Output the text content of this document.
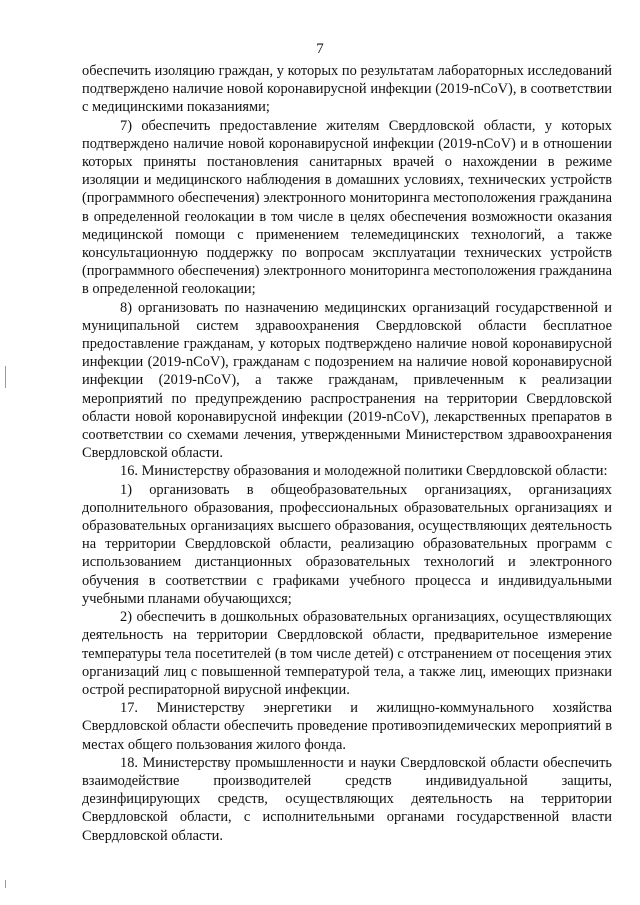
7

обеспечить изоляцию граждан, у которых по результатам лабораторных исследований подтверждено наличие новой коронавирусной инфекции (2019-nCoV), в соответствии с медицинскими показаниями;

7) обеспечить предоставление жителям Свердловской области, у которых подтверждено наличие новой коронавирусной инфекции (2019-nCoV) и в отношении которых приняты постановления санитарных врачей о нахождении в режиме изоляции и медицинского наблюдения в домашних условиях, технических устройств (программного обеспечения) электронного мониторинга местоположения гражданина в определенной геолокации в том числе в целях обеспечения возможности оказания медицинской помощи с применением телемедицинских технологий, а также консультационную поддержку по вопросам эксплуатации технических устройств (программного обеспечения) электронного мониторинга местоположения гражданина в определенной геолокации;

8) организовать по назначению медицинских организаций государственной и муниципальной систем здравоохранения Свердловской области бесплатное предоставление гражданам, у которых подтверждено наличие новой коронавирусной инфекции (2019-nCoV), гражданам с подозрением на наличие новой коронавирусной инфекции (2019-nCoV), а также гражданам, привлеченным к реализации мероприятий по предупреждению распространения на территории Свердловской области новой коронавирусной инфекции (2019-nCoV), лекарственных препаратов в соответствии со схемами лечения, утвержденными Министерством здравоохранения Свердловской области.

16. Министерству образования и молодежной политики Свердловской области:

1) организовать в общеобразовательных организациях, организациях дополнительного образования, профессиональных образовательных организациях и образовательных организациях высшего образования, осуществляющих деятельность на территории Свердловской области, реализацию образовательных программ с использованием дистанционных образовательных технологий и электронного обучения в соответствии с графиками учебного процесса и индивидуальными учебными планами обучающихся;

2) обеспечить в дошкольных образовательных организациях, осуществляющих деятельность на территории Свердловской области, предварительное измерение температуры тела посетителей (в том числе детей) с отстранением от посещения этих организаций лиц с повышенной температурой тела, а также лиц, имеющих признаки острой респираторной вирусной инфекции.

17. Министерству энергетики и жилищно-коммунального хозяйства Свердловской области обеспечить проведение противоэпидемических мероприятий в местах общего пользования жилого фонда.

18. Министерству промышленности и науки Свердловской области обеспечить взаимодействие производителей средств индивидуальной защиты, дезинфицирующих средств, осуществляющих деятельность на территории Свердловской области, с исполнительными органами государственной власти Свердловской области.
